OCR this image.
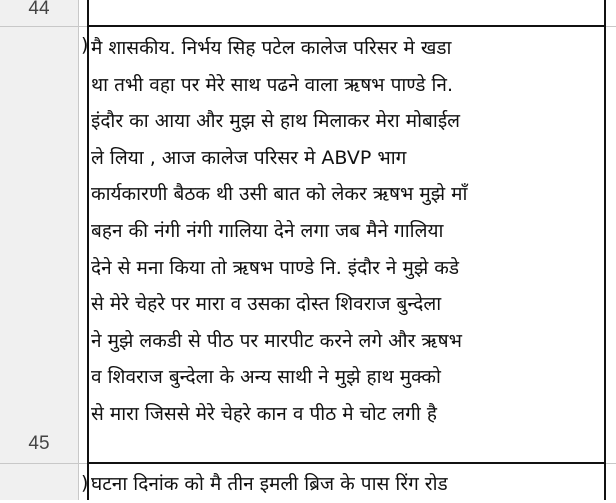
44
45
)
)
मै शासकीय. निर्भय सिह पटेल कालेज परिसर मे खडा
था तभी वहा पर मेरे साथ पढने वाला ऋषभ पाण्डे नि.
इंदौर का आया और मुझ से हाथ मिलाकर मेरा मोबाईल
ले लिया , आज कालेज परिसर मे ABVP भाग
कार्यकारणी बैठक थी उसी बात को लेकर ऋषभ मुझे माँ
बहन की नंगी नंगी गालिया देने लगा जब मैने गालिया
देने से मना किया तो ऋषभ पाण्डे नि. इंदौर ने मुझे कडे
से मेरे चेहरे पर मारा व उसका दोस्त शिवराज बुन्देला
ने मुझे लकडी से पीठ पर मारपीट करने लगे और ऋषभ
व शिवराज बुन्देला के अन्य साथी ने मुझे हाथ मुक्को
से मारा जिससे मेरे चेहरे कान व पीठ मे चोट लगी है
घटना दिनांक को मै तीन इमली ब्रिज के पास रिंग रोड
